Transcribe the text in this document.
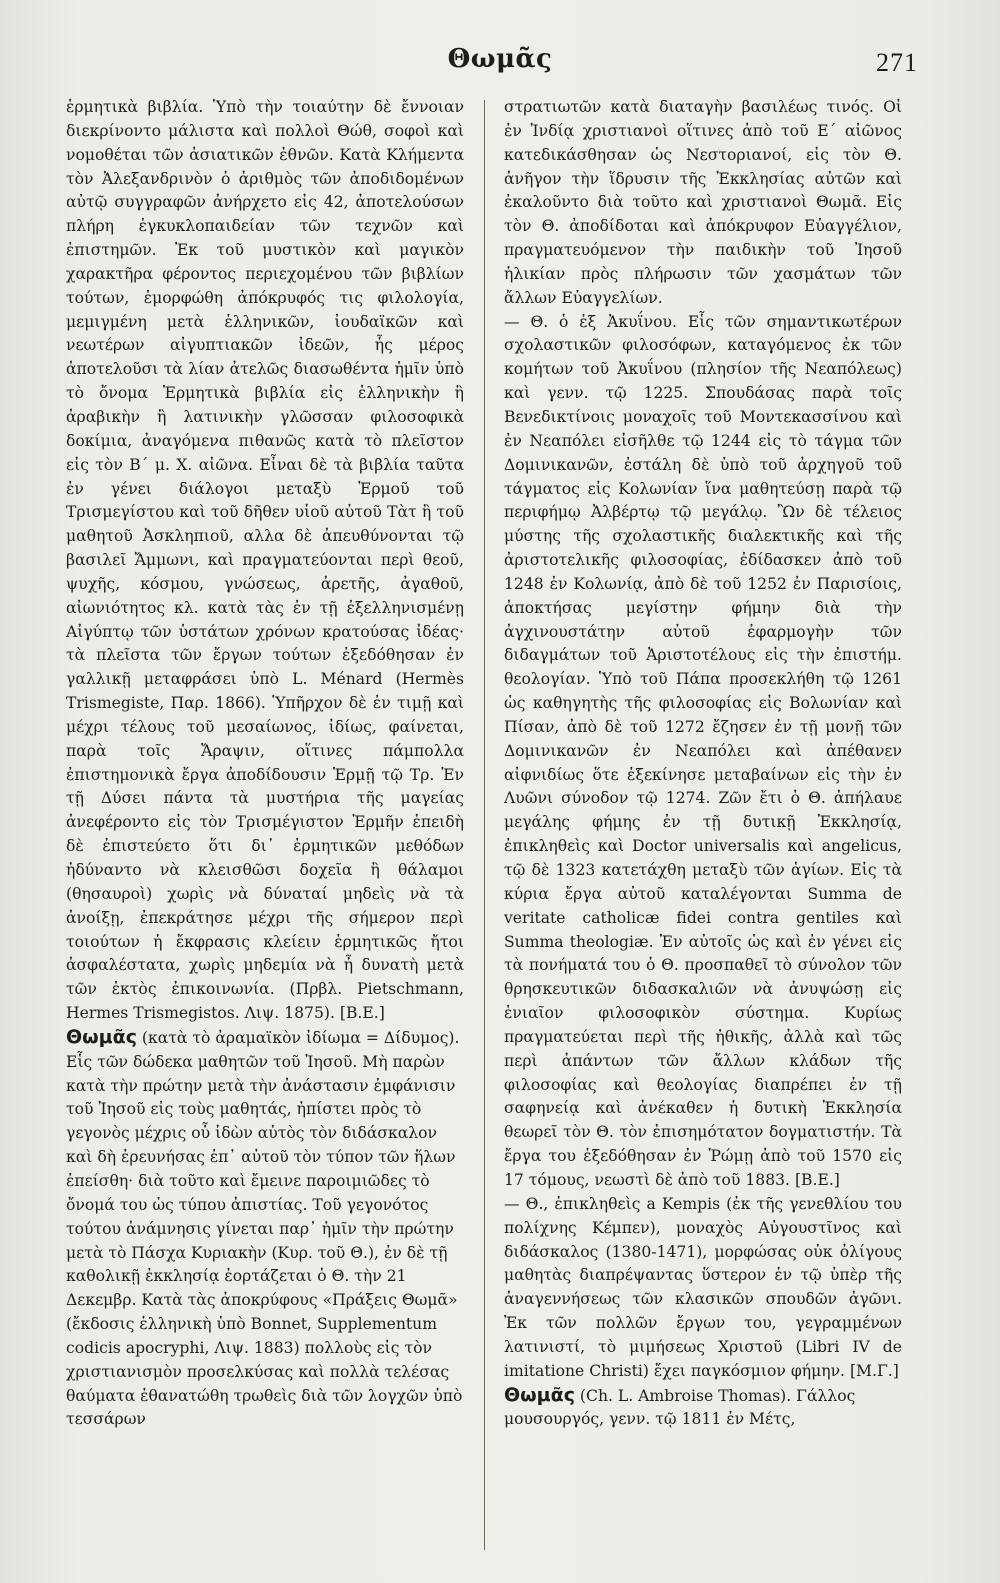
Θωμᾶς	271

ἑρμητικὰ βιβλία. Ὑπὸ τὴν τοιαύτην δὲ ἔννοιαν διεκρίνοντο μάλιστα καὶ πολλοὶ Θώθ, σοφοὶ καὶ νομοθέται τῶν ἀσιατικῶν ἐθνῶν. Κατὰ Κλήμεντα τὸν Ἀλεξανδρινὸν ὁ ἀριθμὸς τῶν ἀποδιδομένων αὐτῷ συγγραφῶν ἀνήρχετο εἰς 42, ἀποτελούσων πλήρη ἐγκυκλοπαιδείαν τῶν τεχνῶν καὶ ἐπιστημῶν. Ἐκ τοῦ μυστικὸν καὶ μαγικὸν χαρακτῆρα φέροντος περιεχομένου τῶν βιβλίων τούτων, ἐμορφώθη ἀπόκρυφός τις φιλολογία, μεμιγμένη μετὰ ἑλληνικῶν, ἰουδαϊκῶν καὶ νεωτέρων αἰγυπτιακῶν ἰδεῶν, ἧς μέρος ἀποτελοῦσι τὰ λίαν ἀτελῶς διασωθέντα ἡμῖν ὑπὸ τὸ ὄνομα Ἑρμητικὰ βιβλία εἰς ἑλληνικὴν ἢ ἀραβικὴν ἢ λατινικὴν γλῶσσαν φιλοσοφικὰ δοκίμια, ἀναγόμενα πιθανῶς κατὰ τὸ πλεῖστον εἰς τὸν Β΄ μ. Χ. αἰῶνα. Εἶναι δὲ τὰ βιβλία ταῦτα ἐν γένει διάλογοι μεταξὺ Ἑρμοῦ τοῦ Τρισμεγίστου καὶ τοῦ δῆθεν υἱοῦ αὐτοῦ Τὰτ ἢ τοῦ μαθητοῦ Ἀσκληπιοῦ, αλλα δὲ ἀπευθύνονται τῷ βασιλεῖ Ἄμμωνι, καὶ πραγματεύονται περὶ θεοῦ, ψυχῆς, κόσμου, γνώσεως, ἀρετῆς, ἀγαθοῦ, αἰωνιότητος κλ. κατὰ τὰς ἐν τῇ ἐξελληνισμένῃ Αἰγύπτῳ τῶν ὑστάτων χρόνων κρατούσας ἰδέας· τὰ πλεῖστα τῶν ἔργων τούτων ἐξεδόθησαν ἐν γαλλικῇ μεταφράσει ὑπὸ L. Ménard (Hermès Trismegiste, Παρ. 1866). Ὑπῆρχον δὲ ἐν τιμῇ καὶ μέχρι τέλους τοῦ μεσαίωνος, ἰδίως, φαίνεται, παρὰ τοῖς Ἄραψιν, οἵτινες πάμπολλα ἐπιστημονικὰ ἔργα ἀποδίδουσιν Ἑρμῇ τῷ Τρ. Ἐν τῇ Δύσει πάντα τὰ μυστήρια τῆς μαγείας ἀνεφέροντο εἰς τὸν Τρισμέγιστον Ἑρμῆν ἐπειδὴ δὲ ἐπιστεύετο ὅτι δι᾽ ἑρμητικῶν μεθόδων ἠδύναντο νὰ κλεισθῶσι δοχεῖα ἢ θάλαμοι (θησαυροὶ) χωρὶς νὰ δύναταί μηδεὶς νὰ τὰ ἀνοίξῃ, ἐπεκράτησε μέχρι τῆς σήμερον περὶ τοιούτων ἡ ἔκφρασις κλείειν ἑρμητικῶς ἤτοι ἀσφαλέστατα, χωρὶς μηδεμία νὰ ἦ δυνατὴ μετὰ τῶν ἐκτὸς ἐπικοινωνία. (Πρβλ. Pietschmann, Hermes Trismegistos. Λιψ. 1875). [Β.Ε.]

Θωμᾶς (κατὰ τὸ ἀραμαϊκὸν ἰδίωμα = Δίδυμος). Εἷς τῶν δώδεκα μαθητῶν τοῦ Ἰησοῦ. Μὴ παρὼν κατὰ τὴν πρώτην μετὰ τὴν ἀνάστασιν ἐμφάνισιν τοῦ Ἰησοῦ εἰς τοὺς μαθητάς, ἠπίστει πρὸς τὸ γεγονὸς μέχρις οὗ ἰδὼν αὐτὸς τὸν διδάσκαλον καὶ δὴ ἐρευνήσας ἐπ᾽ αὐτοῦ τὸν τύπον τῶν ἥλων ἐπείσθη· διὰ τοῦτο καὶ ἔμεινε παροιμιῶδες τὸ ὄνομά του ὡς τύπου ἀπιστίας. Τοῦ γεγονότος τούτου ἀνάμνησις γίνεται παρ᾽ ἡμῖν τὴν πρώτην μετὰ τὸ Πάσχα Κυριακὴν (Κυρ. τοῦ Θ.), ἐν δὲ τῇ καθολικῇ ἐκκλησίᾳ ἑορτάζεται ὁ Θ. τὴν 21 Δεκεμβρ. Κατὰ τὰς ἀποκρύφους «Πράξεις Θωμᾶ» (ἔκδοσις ἑλληνικὴ ὑπὸ Bonnet, Supplementum codicis apocryphi, Λιψ. 1883) πολλοὺς εἰς τὸν χριστιανισμὸν προσελκύσας καὶ πολλὰ τελέσας θαύματα ἐθανατώθη τρωθεὶς διὰ τῶν λογχῶν ὑπὸ τεσσάρων

στρατιωτῶν κατὰ διαταγὴν βασιλέως τινός. Οἱ ἐν Ἰνδίᾳ χριστιανοὶ οἵτινες ἀπὸ τοῦ Ε΄ αἰῶνος κατεδικάσθησαν ὡς Νεστοριανοί, εἰς τὸν Θ. ἀνῆγον τὴν ἵδρυσιν τῆς Ἐκκλησίας αὐτῶν καὶ ἐκαλοῦντο διὰ τοῦτο καὶ χριστιανοὶ Θωμᾶ. Εἰς τὸν Θ. ἀποδίδοται καὶ ἀπόκρυφον Εὐαγγέλιον, πραγματευόμενον τὴν παιδικὴν τοῦ Ἰησοῦ ἡλικίαν πρὸς πλήρωσιν τῶν χασμάτων τῶν ἄλλων Εὐαγγελίων.

— Θ. ὁ ἐξ Ἀκυΐνου. Εἷς τῶν σημαντικωτέρων σχολαστικῶν φιλοσόφων, καταγόμενος ἐκ τῶν κομήτων τοῦ Ἀκυΐνου (πλησίον τῆς Νεαπόλεως) καὶ γενν. τῷ 1225. Σπουδάσας παρὰ τοῖς Βενεδικτίνοις μοναχοῖς τοῦ Μοντεκασσίνου καὶ ἐν Νεαπόλει εἰσῆλθε τῷ 1244 εἰς τὸ τάγμα τῶν Δομινικανῶν, ἐστάλη δὲ ὑπὸ τοῦ ἀρχηγοῦ τοῦ τάγματος εἰς Κολωνίαν ἵνα μαθητεύσῃ παρὰ τῷ περιφήμῳ Ἀλβέρτῳ τῷ μεγάλῳ. Ὢν δὲ τέλειος μύστης τῆς σχολαστικῆς διαλεκτικῆς καὶ τῆς ἀριστοτελικῆς φιλοσοφίας, ἐδίδασκεν ἀπὸ τοῦ 1248 ἐν Κολωνίᾳ, ἀπὸ δὲ τοῦ 1252 ἐν Παρισίοις, ἀποκτήσας μεγίστην φήμην διὰ τὴν ἀγχινουστάτην αὐτοῦ ἐφαρμογὴν τῶν διδαγμάτων τοῦ Ἀριστοτέλους εἰς τὴν ἐπιστήμ. θεολογίαν. Ὑπὸ τοῦ Πάπα προσεκλήθη τῷ 1261 ὡς καθηγητὴς τῆς φιλοσοφίας εἰς Βολωνίαν καὶ Πίσαν, ἀπὸ δὲ τοῦ 1272 ἔζησεν ἐν τῇ μονῇ τῶν Δομινικανῶν ἐν Νεαπόλει καὶ ἀπέθανεν αἰφνιδίως ὅτε ἐξεκίνησε μεταβαίνων εἰς τὴν ἐν Λυῶνι σύνοδον τῷ 1274. Ζῶν ἔτι ὁ Θ. ἀπήλαυε μεγάλης φήμης ἐν τῇ δυτικῇ Ἐκκλησίᾳ, ἐπικληθεὶς καὶ Doctor universalis καὶ angelicus, τῷ δὲ 1323 κατετάχθη μεταξὺ τῶν ἁγίων. Εἰς τὰ κύρια ἔργα αὐτοῦ καταλέγονται Summa de veritate catholicæ fidei contra gentiles καὶ Summa theologiæ. Ἐν αὐτοῖς ὡς καὶ ἐν γένει εἰς τὰ πονήματά του ὁ Θ. προσπαθεῖ τὸ σύνολον τῶν θρησκευτικῶν διδασκαλιῶν νὰ ἀνυψώσῃ εἰς ἑνιαῖον φιλοσοφικὸν σύστημα. Κυρίως πραγματεύεται περὶ τῆς ἠθικῆς, ἀλλὰ καὶ τῶς περὶ ἁπάντων τῶν ἄλλων κλάδων τῆς φιλοσοφίας καὶ θεολογίας διαπρέπει ἐν τῇ σαφηνείᾳ καὶ ἀνέκαθεν ἡ δυτικὴ Ἐκκλησία θεωρεῖ τὸν Θ. τὸν ἐπισημότατον δογματιστήν. Τὰ ἔργα του ἐξεδόθησαν ἐν Ῥώμῃ ἀπὸ τοῦ 1570 εἰς 17 τόμους, νεωστὶ δὲ ἀπὸ τοῦ 1883. [Β.Ε.]

— Θ., ἐπικληθεὶς a Kempis (ἐκ τῆς γενεθλίου του πολίχνης Κέμπεν), μοναχὸς Αὐγουστῖνος καὶ διδάσκαλος (1380-1471), μορφώσας οὐκ ὀλίγους μαθητὰς διαπρέψαντας ὕστερον ἐν τῷ ὑπὲρ τῆς ἀναγεννήσεως τῶν κλασικῶν σπουδῶν ἀγῶνι. Ἐκ τῶν πολλῶν ἔργων του, γεγραμμένων λατινιστί, τὸ μιμήσεως Χριστοῦ (Libri IV de imitatione Christi) ἔχει παγκόσμιον φήμην. [Μ.Γ.]

Θωμᾶς (Ch. L. Ambroise Thomas). Γάλλος μουσουργός, γενν. τῷ 1811 ἐν Μέτς,
